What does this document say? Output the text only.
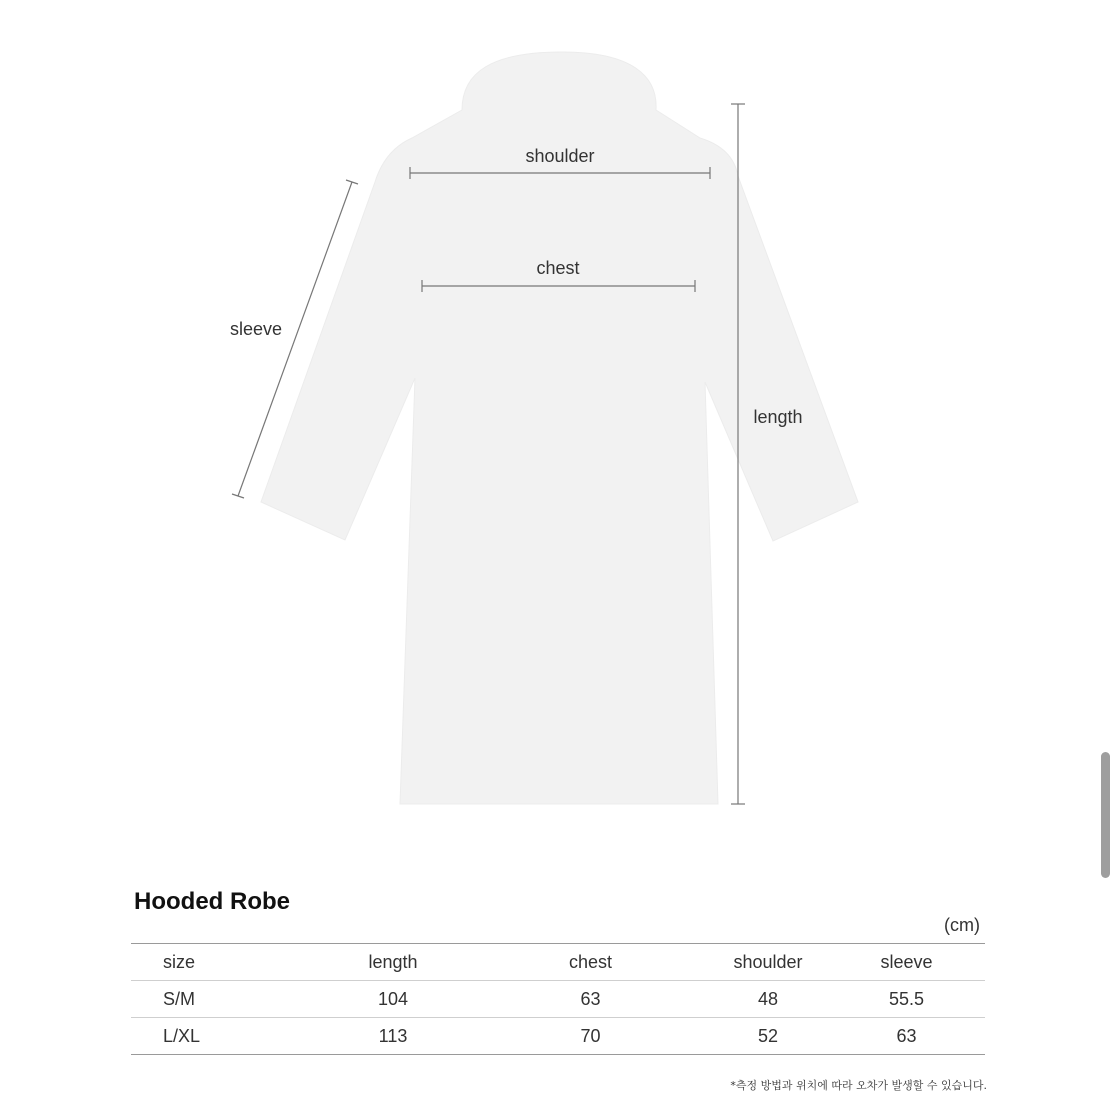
shoulder
chest
sleeve
length
Hooded Robe
(cm)
size	length	chest	shoulder	sleeve
S/M	104	63	48	55.5
L/XL	113	70	52	63
*측정 방법과 위치에 따라 오차가 발생할 수 있습니다.
